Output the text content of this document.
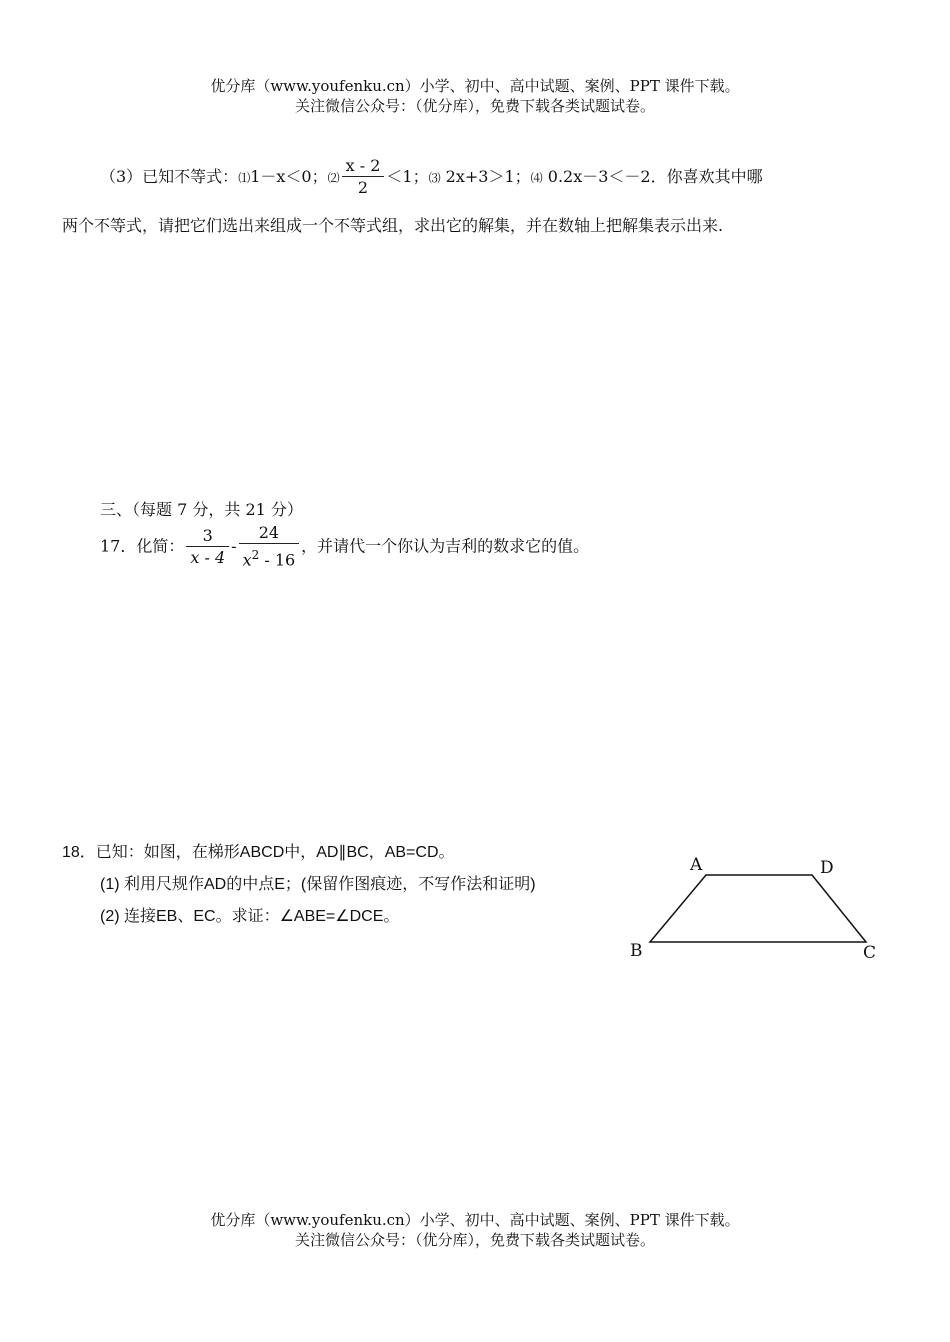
优分库（www.youfenku.cn）小学、初中、高中试题、案例、PPT 课件下载。
关注微信公众号：（优分库），免费下载各类试题试卷。
（3）已知不等式：⑴1－x＜0；⑵ $\frac{x - 2}{2} <1$；⑶ 2x+3＞1；⑷ 0.2x－3＜－2．你喜欢其中哪
两个不等式，请把它们选出来组成一个不等式组，求出它的解集，并在数轴上把解集表示出来.
三、（每题 7 分，共 21 分）
17．化简： $\frac{3}{x - 4} - \frac{24}{x^2 - 16}$ ，并请代一个你认为吉利的数求它的值。
18．已知：如图，在梯形ABCD中，AD∥BC，AB=CD。
(1) 利用尺规作AD的中点E；(保留作图痕迹，不写作法和证明)
(2) 连接EB、EC。求证：∠ABE=∠DCE。
A	D
B	C
优分库（www.youfenku.cn）小学、初中、高中试题、案例、PPT 课件下载。
关注微信公众号：（优分库），免费下载各类试题试卷。
